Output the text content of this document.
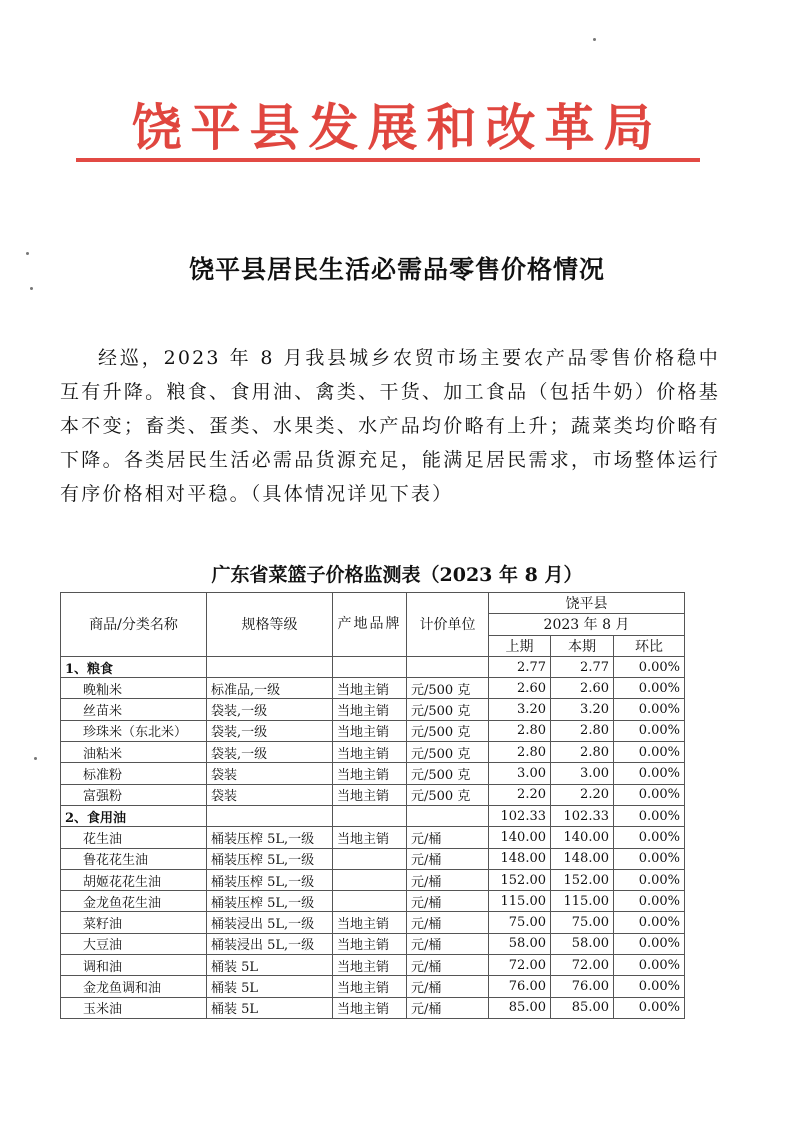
饶平县发展和改革局
饶平县居民生活必需品零售价格情况

经巡，2023 年 8 月我县城乡农贸市场主要农产品零售价格稳中互有升降。粮食、食用油、禽类、干货、加工食品（包括牛奶）价格基本不变；畜类、蛋类、水果类、水产品均价略有上升；蔬菜类均价略有下降。各类居民生活必需品货源充足，能满足居民需求，市场整体运行有序价格相对平稳。（具体情况详见下表）

广东省菜篮子价格监测表（2023 年 8 月）
商品/分类名称	规格等级	产地品牌	计价单位	饶平县		
				2023 年 8 月		
				上期	本期	环比
1、粮食				2.77	2.77	0.00%
晚籼米	标准品,一级	当地主销	元/500 克	2.60	2.60	0.00%
丝苗米	袋装,一级	当地主销	元/500 克	3.20	3.20	0.00%
珍珠米（东北米）	袋装,一级	当地主销	元/500 克	2.80	2.80	0.00%
油粘米	袋装,一级	当地主销	元/500 克	2.80	2.80	0.00%
标准粉	袋装	当地主销	元/500 克	3.00	3.00	0.00%
富强粉	袋装	当地主销	元/500 克	2.20	2.20	0.00%
2、食用油				102.33	102.33	0.00%
花生油	桶装压榨 5L,一级	当地主销	元/桶	140.00	140.00	0.00%
鲁花花生油	桶装压榨 5L,一级		元/桶	148.00	148.00	0.00%
胡姬花花生油	桶装压榨 5L,一级		元/桶	152.00	152.00	0.00%
金龙鱼花生油	桶装压榨 5L,一级		元/桶	115.00	115.00	0.00%
菜籽油	桶装浸出 5L,一级	当地主销	元/桶	75.00	75.00	0.00%
大豆油	桶装浸出 5L,一级	当地主销	元/桶	58.00	58.00	0.00%
调和油	桶装 5L	当地主销	元/桶	72.00	72.00	0.00%
金龙鱼调和油	桶装 5L	当地主销	元/桶	76.00	76.00	0.00%
玉米油	桶装 5L	当地主销	元/桶	85.00	85.00	0.00%
